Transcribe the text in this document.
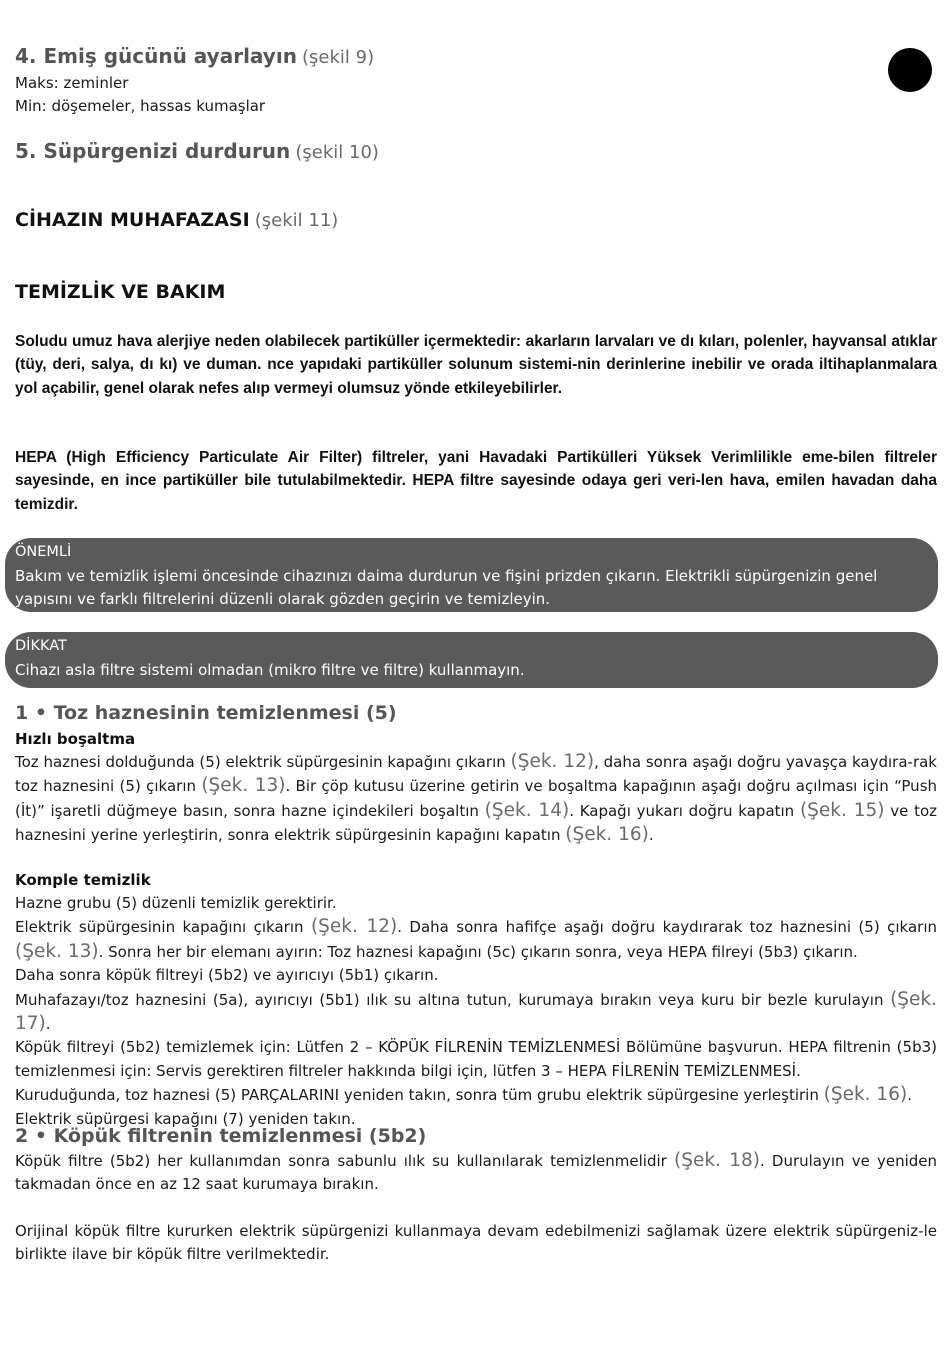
4. Emiş gücünü ayarlayın (şekil 9)
Maks: zeminler
Min: döşemeler, hassas kumaşlar
5. Süpürgenizi durdurun (şekil 10)
CİHAZIN MUHAFAZASI (şekil 11)
TEMİZLİK VE BAKIM
Soludu umuz hava alerjiye neden olabilecek partiküller içermektedir: akarların larvaları ve dı kıları, polenler, hayvansal atıklar (tüy, deri, salya, dı kı) ve duman. nce yapıdaki partiküller solunum sistemi-nin derinlerine inebilir ve orada iltihaplanmalara yol açabilir, genel olarak nefes alıp vermeyi olumsuz yönde etkileyebilirler.
HEPA (High Efficiency Particulate Air Filter) filtreler, yani Havadaki Partikülleri Yüksek Verimlilikle eme-bilen filtreler sayesinde, en ince partiküller bile tutulabilmektedir. HEPA filtre sayesinde odaya geri veri-len hava, emilen havadan daha temizdir.
1 • Toz haznesinin temizlenmesi (5)
Hızlı boşaltma
Toz haznesi dolduğunda (5) elektrik süpürgesinin kapağını çıkarın (Şek. 12), daha sonra aşağı doğru yavaşça kaydıra-rak toz haznesini (5) çıkarın (Şek. 13). Bir çöp kutusu üzerine getirin ve boşaltma kapağının aşağı doğru açılması için “Push (İt)” işaretli düğmeye basın, sonra hazne içindekileri boşaltın (Şek. 14). Kapağı yukarı doğru kapatın (Şek. 15) ve toz haznesini yerine yerleştirin, sonra elektrik süpürgesinin kapağını kapatın (Şek. 16).
Komple temizlik
Hazne grubu (5) düzenli temizlik gerektirir.
Elektrik süpürgesinin kapağını çıkarın (Şek. 12). Daha sonra hafifçe aşağı doğru kaydırarak toz haznesini (5) çıkarın (Şek. 13). Sonra her bir elemanı ayırın: Toz haznesi kapağını (5c) çıkarın sonra, veya HEPA filreyi (5b3) çıkarın.
Daha sonra köpük filtreyi (5b2) ve ayırıcıyı (5b1) çıkarın.
Muhafazayı/toz haznesini (5a), ayırıcıyı (5b1) ılık su altına tutun, kurumaya bırakın veya kuru bir bezle kurulayın (Şek. 17).
Köpük filtreyi (5b2) temizlemek için: Lütfen 2 – KÖPÜK FİLRENİN TEMİZLENMESİ Bölümüne başvurun. HEPA filtrenin (5b3) temizlenmesi için: Servis gerektiren filtreler hakkında bilgi için, lütfen 3 – HEPA FİLRENİN TEMİZLENMESİ.
Kuruduğunda, toz haznesi (5) PARÇALARINI yeniden takın, sonra tüm grubu elektrik süpürgesine yerleştirin (Şek. 16).
Elektrik süpürgesi kapağını (7) yeniden takın.
2 • Köpük filtrenin temizlenmesi (5b2)
Köpük filtre (5b2) her kullanımdan sonra sabunlu ılık su kullanılarak temizlenmelidir (Şek. 18). Durulayın ve yeniden takmadan önce en az 12 saat kurumaya bırakın.
Orijinal köpük filtre kururken elektrik süpürgenizi kullanmaya devam edebilmenizi sağlamak üzere elektrik süpürgeniz-le birlikte ilave bir köpük filtre verilmektedir.
ÖNEMLİ
Bakım ve temizlik işlemi öncesinde cihazınızı daima durdurun ve fişini prizden çıkarın. Elektrikli süpürgenizin genel yapısını ve farklı filtrelerini düzenli olarak gözden geçirin ve temizleyin.
DİKKAT
Cihazı asla filtre sistemi olmadan (mikro filtre ve filtre) kullanmayın.
